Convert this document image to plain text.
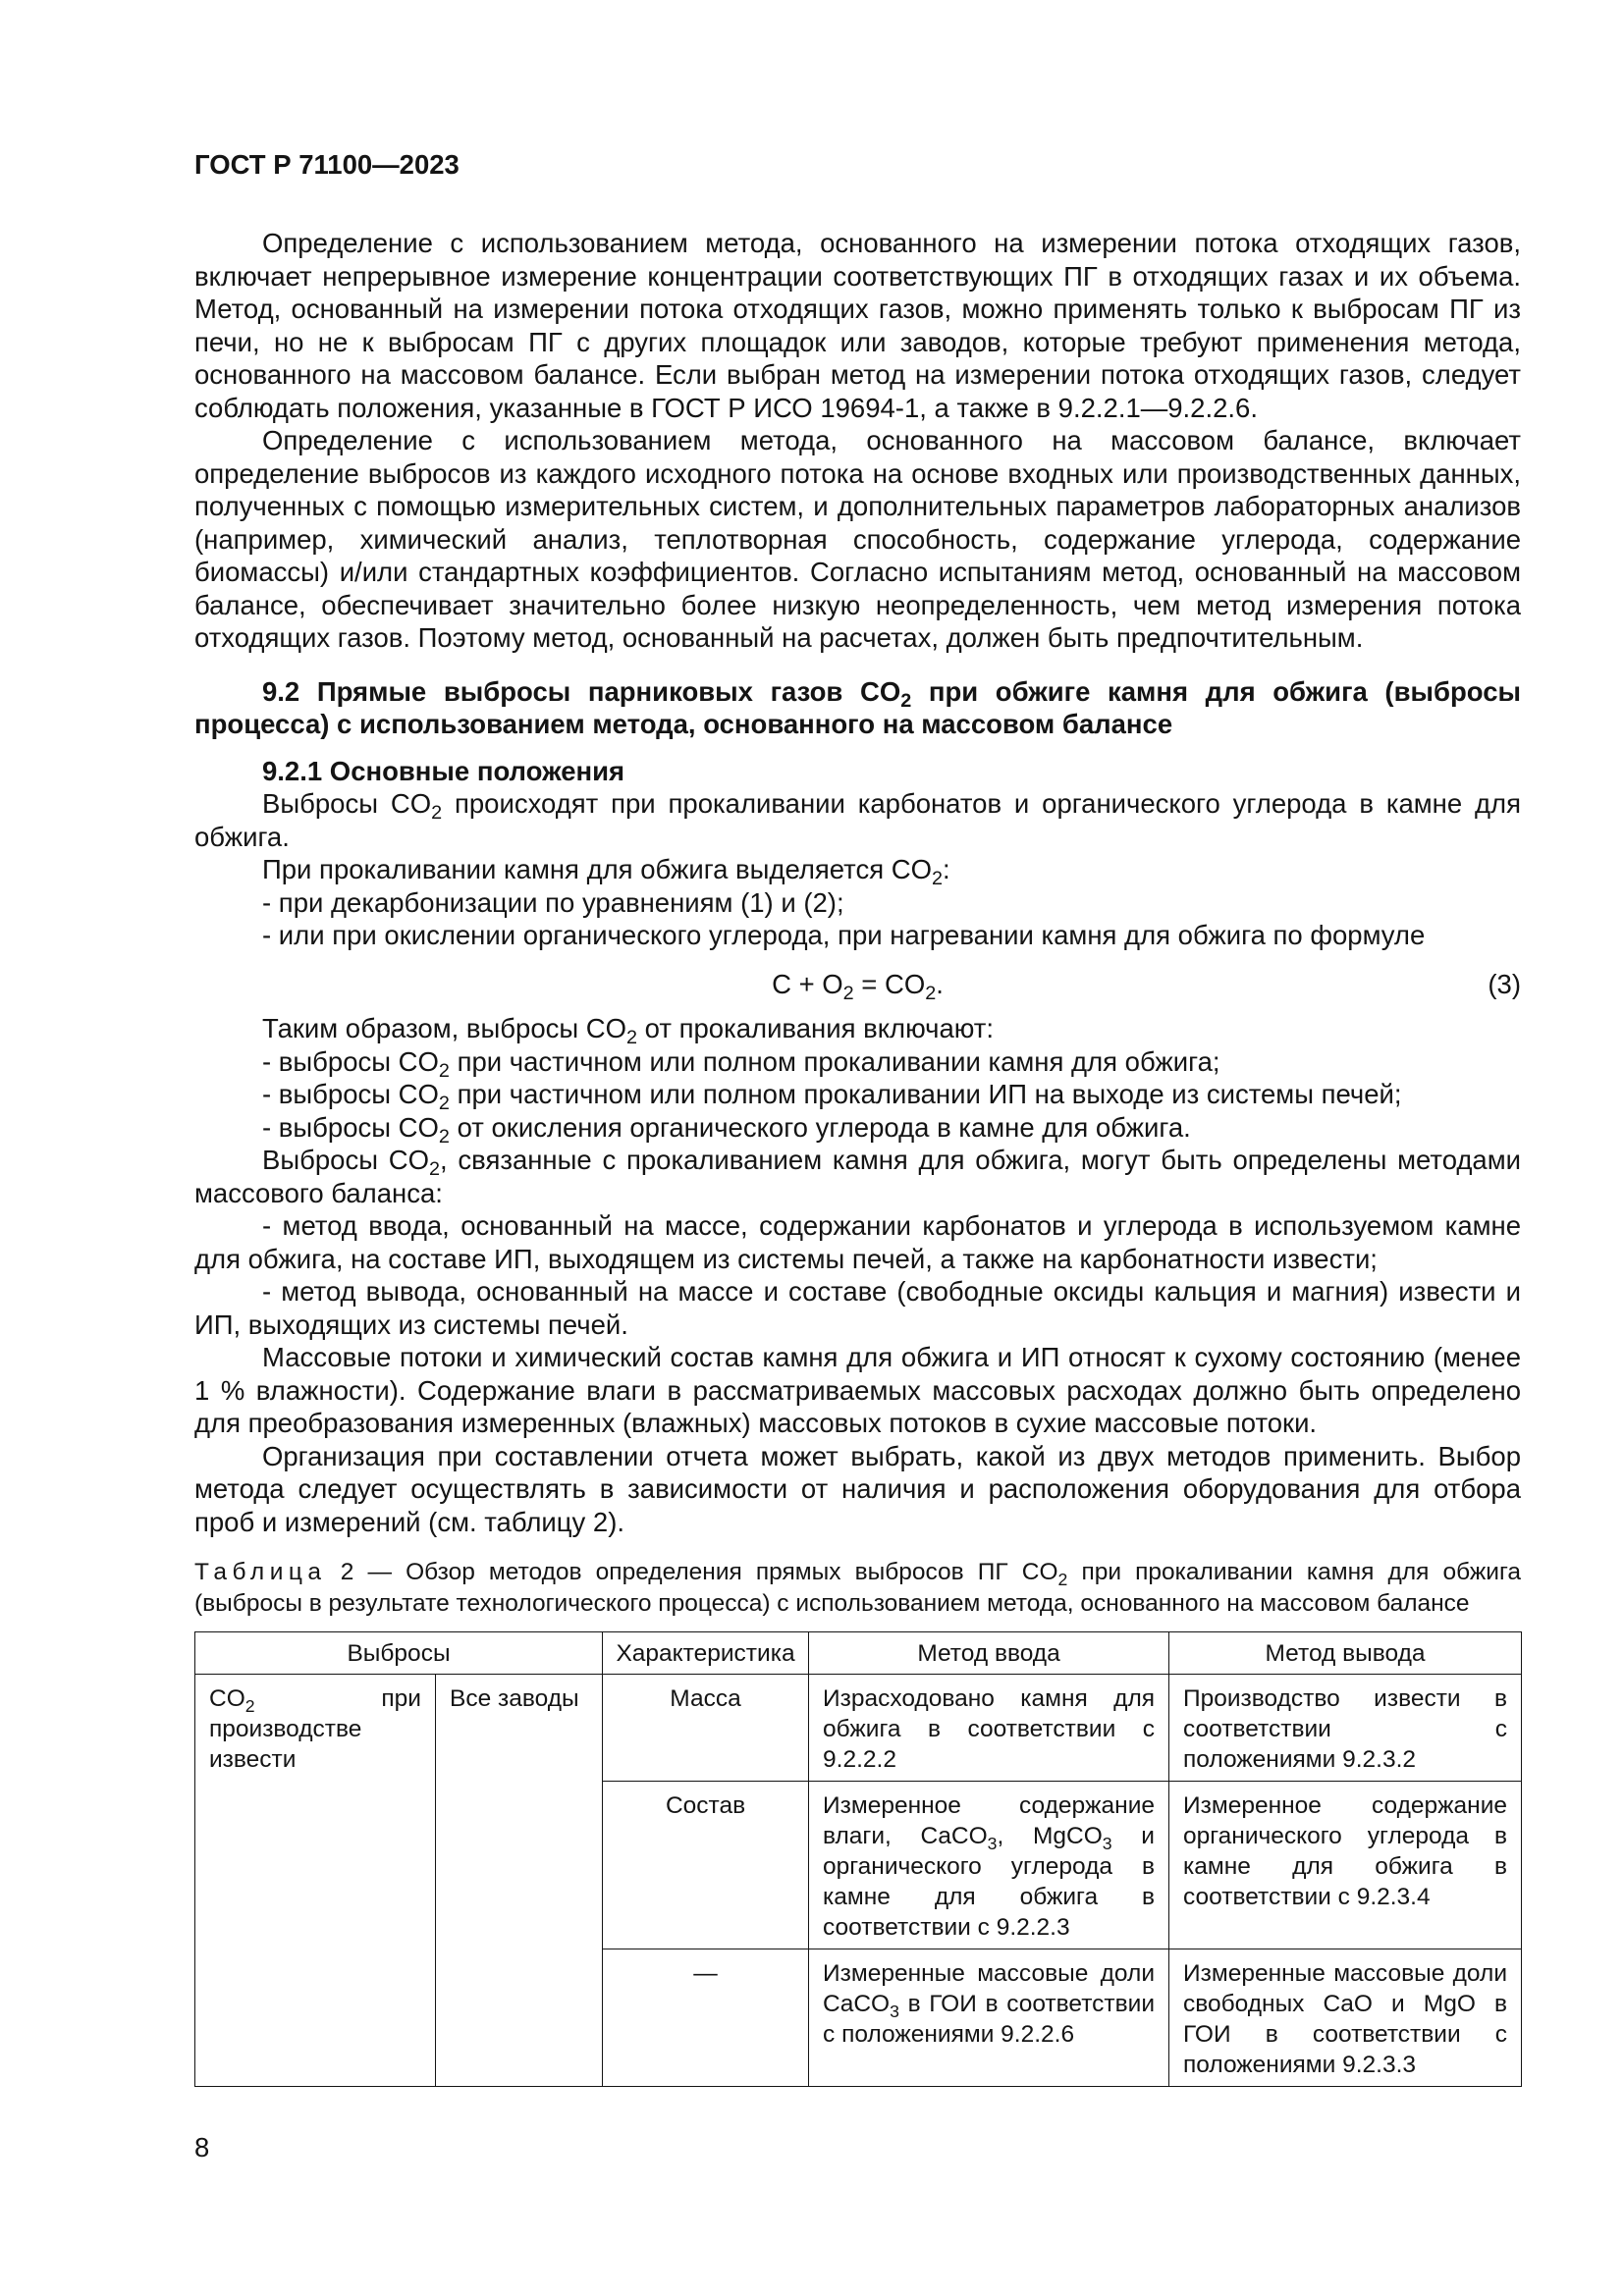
ГОСТ Р 71100—2023

Определение с использованием метода, основанного на измерении потока отходящих газов, включает непрерывное измерение концентрации соответствующих ПГ в отходящих газах и их объема. Метод, основанный на измерении потока отходящих газов, можно применять только к выбросам ПГ из печи, но не к выбросам ПГ с других площадок или заводов, которые требуют применения метода, основанного на массовом балансе. Если выбран метод на измерении потока отходящих газов, следует соблюдать положения, указанные в ГОСТ Р ИСО 19694-1, а также в 9.2.2.1—9.2.2.6.

Определение с использованием метода, основанного на массовом балансе, включает определение выбросов из каждого исходного потока на основе входных или производственных данных, полученных с помощью измерительных систем, и дополнительных параметров лабораторных анализов (например, химический анализ, теплотворная способность, содержание углерода, содержание биомассы) и/или стандартных коэффициентов. Согласно испытаниям метод, основанный на массовом балансе, обеспечивает значительно более низкую неопределенность, чем метод измерения потока отходящих газов. Поэтому метод, основанный на расчетах, должен быть предпочтительным.

9.2 Прямые выбросы парниковых газов $CO_2$ при обжиге камня для обжига (выбросы процесса) с использованием метода, основанного на массовом балансе

9.2.1 Основные положения

Выбросы $CO_2$ происходят при прокаливании карбонатов и органического углерода в камне для обжига.

При прокаливании камня для обжига выделяется $CO_2$:

- при декарбонизации по уравнениям (1) и (2);

- или при окислении органического углерода, при нагревании камня для обжига по формуле

$C + O_2 = CO_2$.	(3)

Таким образом, выбросы $CO_2$ от прокаливания включают:

- выбросы $CO_2$ при частичном или полном прокаливании камня для обжига;

- выбросы $CO_2$ при частичном или полном прокаливании ИП на выходе из системы печей;

- выбросы $CO_2$ от окисления органического углерода в камне для обжига.

Выбросы $CO_2$, связанные с прокаливанием камня для обжига, могут быть определены методами массового баланса:

- метод ввода, основанный на массе, содержании карбонатов и углерода в используемом камне для обжига, на составе ИП, выходящем из системы печей, а также на карбонатности извести;

- метод вывода, основанный на массе и составе (свободные оксиды кальция и магния) извести и ИП, выходящих из системы печей.

Массовые потоки и химический состав камня для обжига и ИП относят к сухому состоянию (менее 1 % влажности). Содержание влаги в рассматриваемых массовых расходах должно быть определено для преобразования измеренных (влажных) массовых потоков в сухие массовые потоки.

Организация при составлении отчета может выбрать, какой из двух методов применить. Выбор метода следует осуществлять в зависимости от наличия и расположения оборудования для отбора проб и измерений (см. таблицу 2).

Таблица 2 — Обзор методов определения прямых выбросов ПГ $CO_2$ при прокаливании камня для обжига (выбросы в результате технологического процесса) с использованием метода, основанного на массовом балансе
Выбросы		Характеристика	Метод ввода	Метод вывода
$CO_2$ при производстве извести	Все заводы	Масса	Израсходовано камня для обжига в соответствии с 9.2.2.2	Производство извести в соответствии с положениями 9.2.3.2
		Состав	Измеренное содержание влаги, CaCO$_3$, MgCO$_3$ и органического углерода в камне для обжига в соответствии с 9.2.2.3	Измеренное содержание органического углерода в камне для обжига в соответствии с 9.2.3.4
		—	Измеренные массовые доли CaCO$_3$ в ГОИ в соответствии с положениями 9.2.2.6	Измеренные массовые доли свободных CaO и MgO в ГОИ в соответствии с положениями 9.2.3.3
8
